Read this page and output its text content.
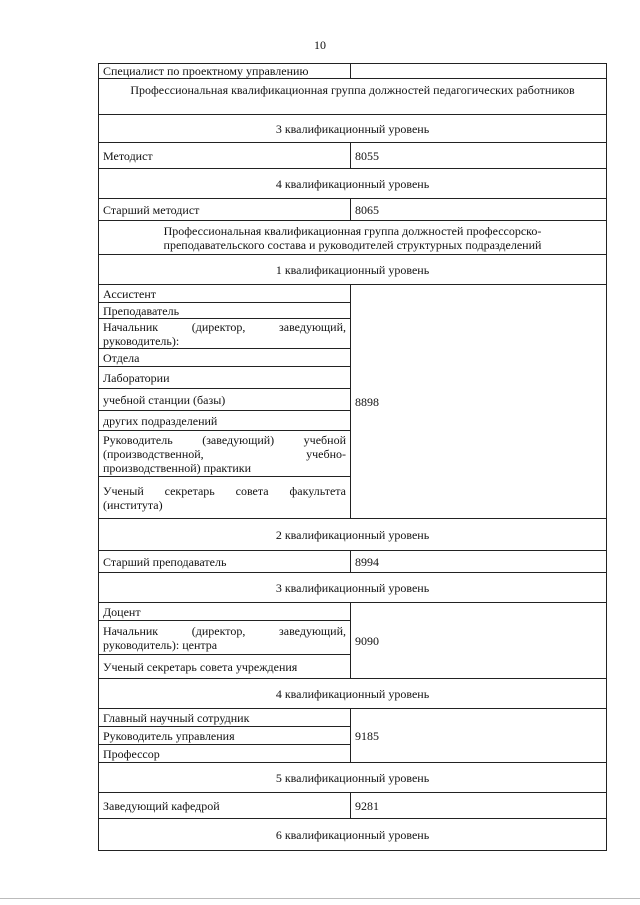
10
Специалист по проектному управлению	
Профессиональная квалификационная группа должностей педагогических работников	
3 квалификационный уровень	
Методист	8055
4 квалификационный уровень	
Старший методист	8065

Профессиональная квалификационная группа должностей профессорско-
преподавательского состава и руководителей структурных подразделений	

1 квалификационный уровень	
Ассистент	8898
Преподаватель	

Начальник (директор, заведующий,
руководитель):	

Отдела	
Лаборатории	
учебной станции (базы)	
других подразделений	

Руководитель (заведующий) учебной
(производственной, учебно-
производственной) практики	

Ученый секретарь совета факультета
(института)	

2 квалификационный уровень	
Старший преподаватель	8994
3 квалификационный уровень	
Доцент	9090

Начальник (директор, заведующий,
руководитель): центра	

Ученый секретарь совета учреждения	
4 квалификационный уровень	
Главный научный сотрудник	9185
Руководитель управления	
Профессор	
5 квалификационный уровень	
Заведующий кафедрой	9281
6 квалификационный уровень	
